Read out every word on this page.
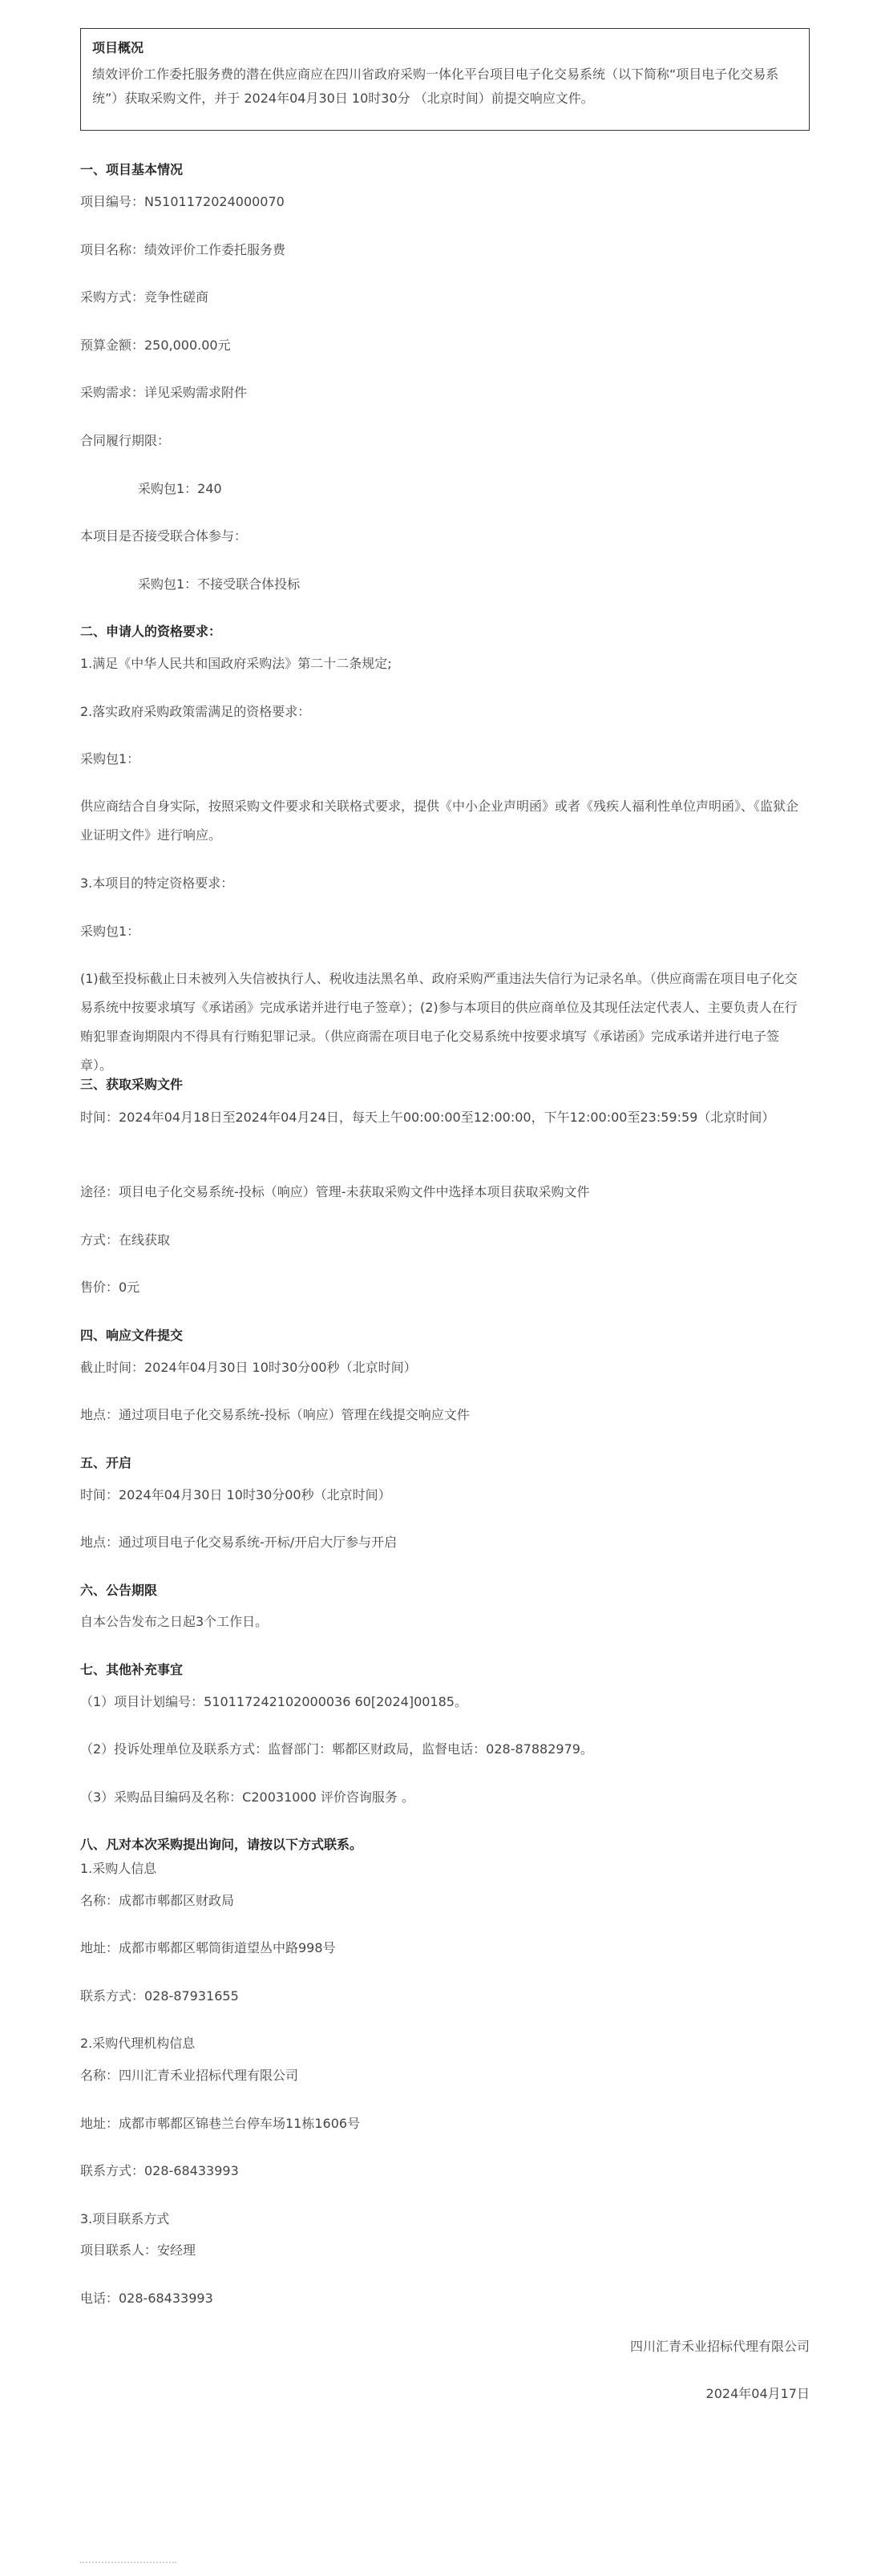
项目概况

绩效评价工作委托服务费的潜在供应商应在四川省政府采购一体化平台项目电子化交易系统（以下简称“项目电子化交易系统”）获取采购文件，并于 2024年04月30日 10时30分 （北京时间）前提交响应文件。

一、项目基本情况

项目编号：N5101172024000070

项目名称：绩效评价工作委托服务费

采购方式：竞争性磋商

预算金额：250,000.00元

采购需求：详见采购需求附件

合同履行期限：

采购包1：240

本项目是否接受联合体参与：

采购包1：不接受联合体投标

二、申请人的资格要求：

1.满足《中华人民共和国政府采购法》第二十二条规定;

2.落实政府采购政策需满足的资格要求：

采购包1：

供应商结合自身实际，按照采购文件要求和关联格式要求，提供《中小企业声明函》或者《残疾人福利性单位声明函》、《监狱企业证明文件》进行响应。

3.本项目的特定资格要求：

采购包1：

(1)截至投标截止日未被列入失信被执行人、税收违法黑名单、政府采购严重违法失信行为记录名单。（供应商需在项目电子化交易系统中按要求填写《承诺函》完成承诺并进行电子签章）；(2)参与本项目的供应商单位及其现任法定代表人、主要负责人在行贿犯罪查询期限内不得具有行贿犯罪记录。（供应商需在项目电子化交易系统中按要求填写《承诺函》完成承诺并进行电子签章）。

三、获取采购文件

时间：2024年04月18日至2024年04月24日，每天上午00:00:00至12:00:00，下午12:00:00至23:59:59（北京时间）

途径：项目电子化交易系统-投标（响应）管理-未获取采购文件中选择本项目获取采购文件

方式：在线获取

售价：0元

四、响应文件提交

截止时间：2024年04月30日 10时30分00秒（北京时间）

地点：通过项目电子化交易系统-投标（响应）管理在线提交响应文件

五、开启

时间：2024年04月30日 10时30分00秒（北京时间）

地点：通过项目电子化交易系统-开标/开启大厅参与开启

六、公告期限

自本公告发布之日起3个工作日。

七、其他补充事宜

（1）项目计划编号：510117242102000036 60[2024]00185。

（2）投诉处理单位及联系方式：监督部门：郫都区财政局，监督电话：028-87882979。

（3）采购品目编码及名称：C20031000 评价咨询服务 。

八、凡对本次采购提出询问，请按以下方式联系。

1.采购人信息

名称：成都市郫都区财政局

地址：成都市郫都区郫筒街道望丛中路998号

联系方式：028-87931655

2.采购代理机构信息

名称：四川汇青禾业招标代理有限公司

地址：成都市郫都区锦巷兰台停车场11栋1606号

联系方式：028-68433993

3.项目联系方式

项目联系人：安经理

电话：028-68433993

四川汇青禾业招标代理有限公司

2024年04月17日
